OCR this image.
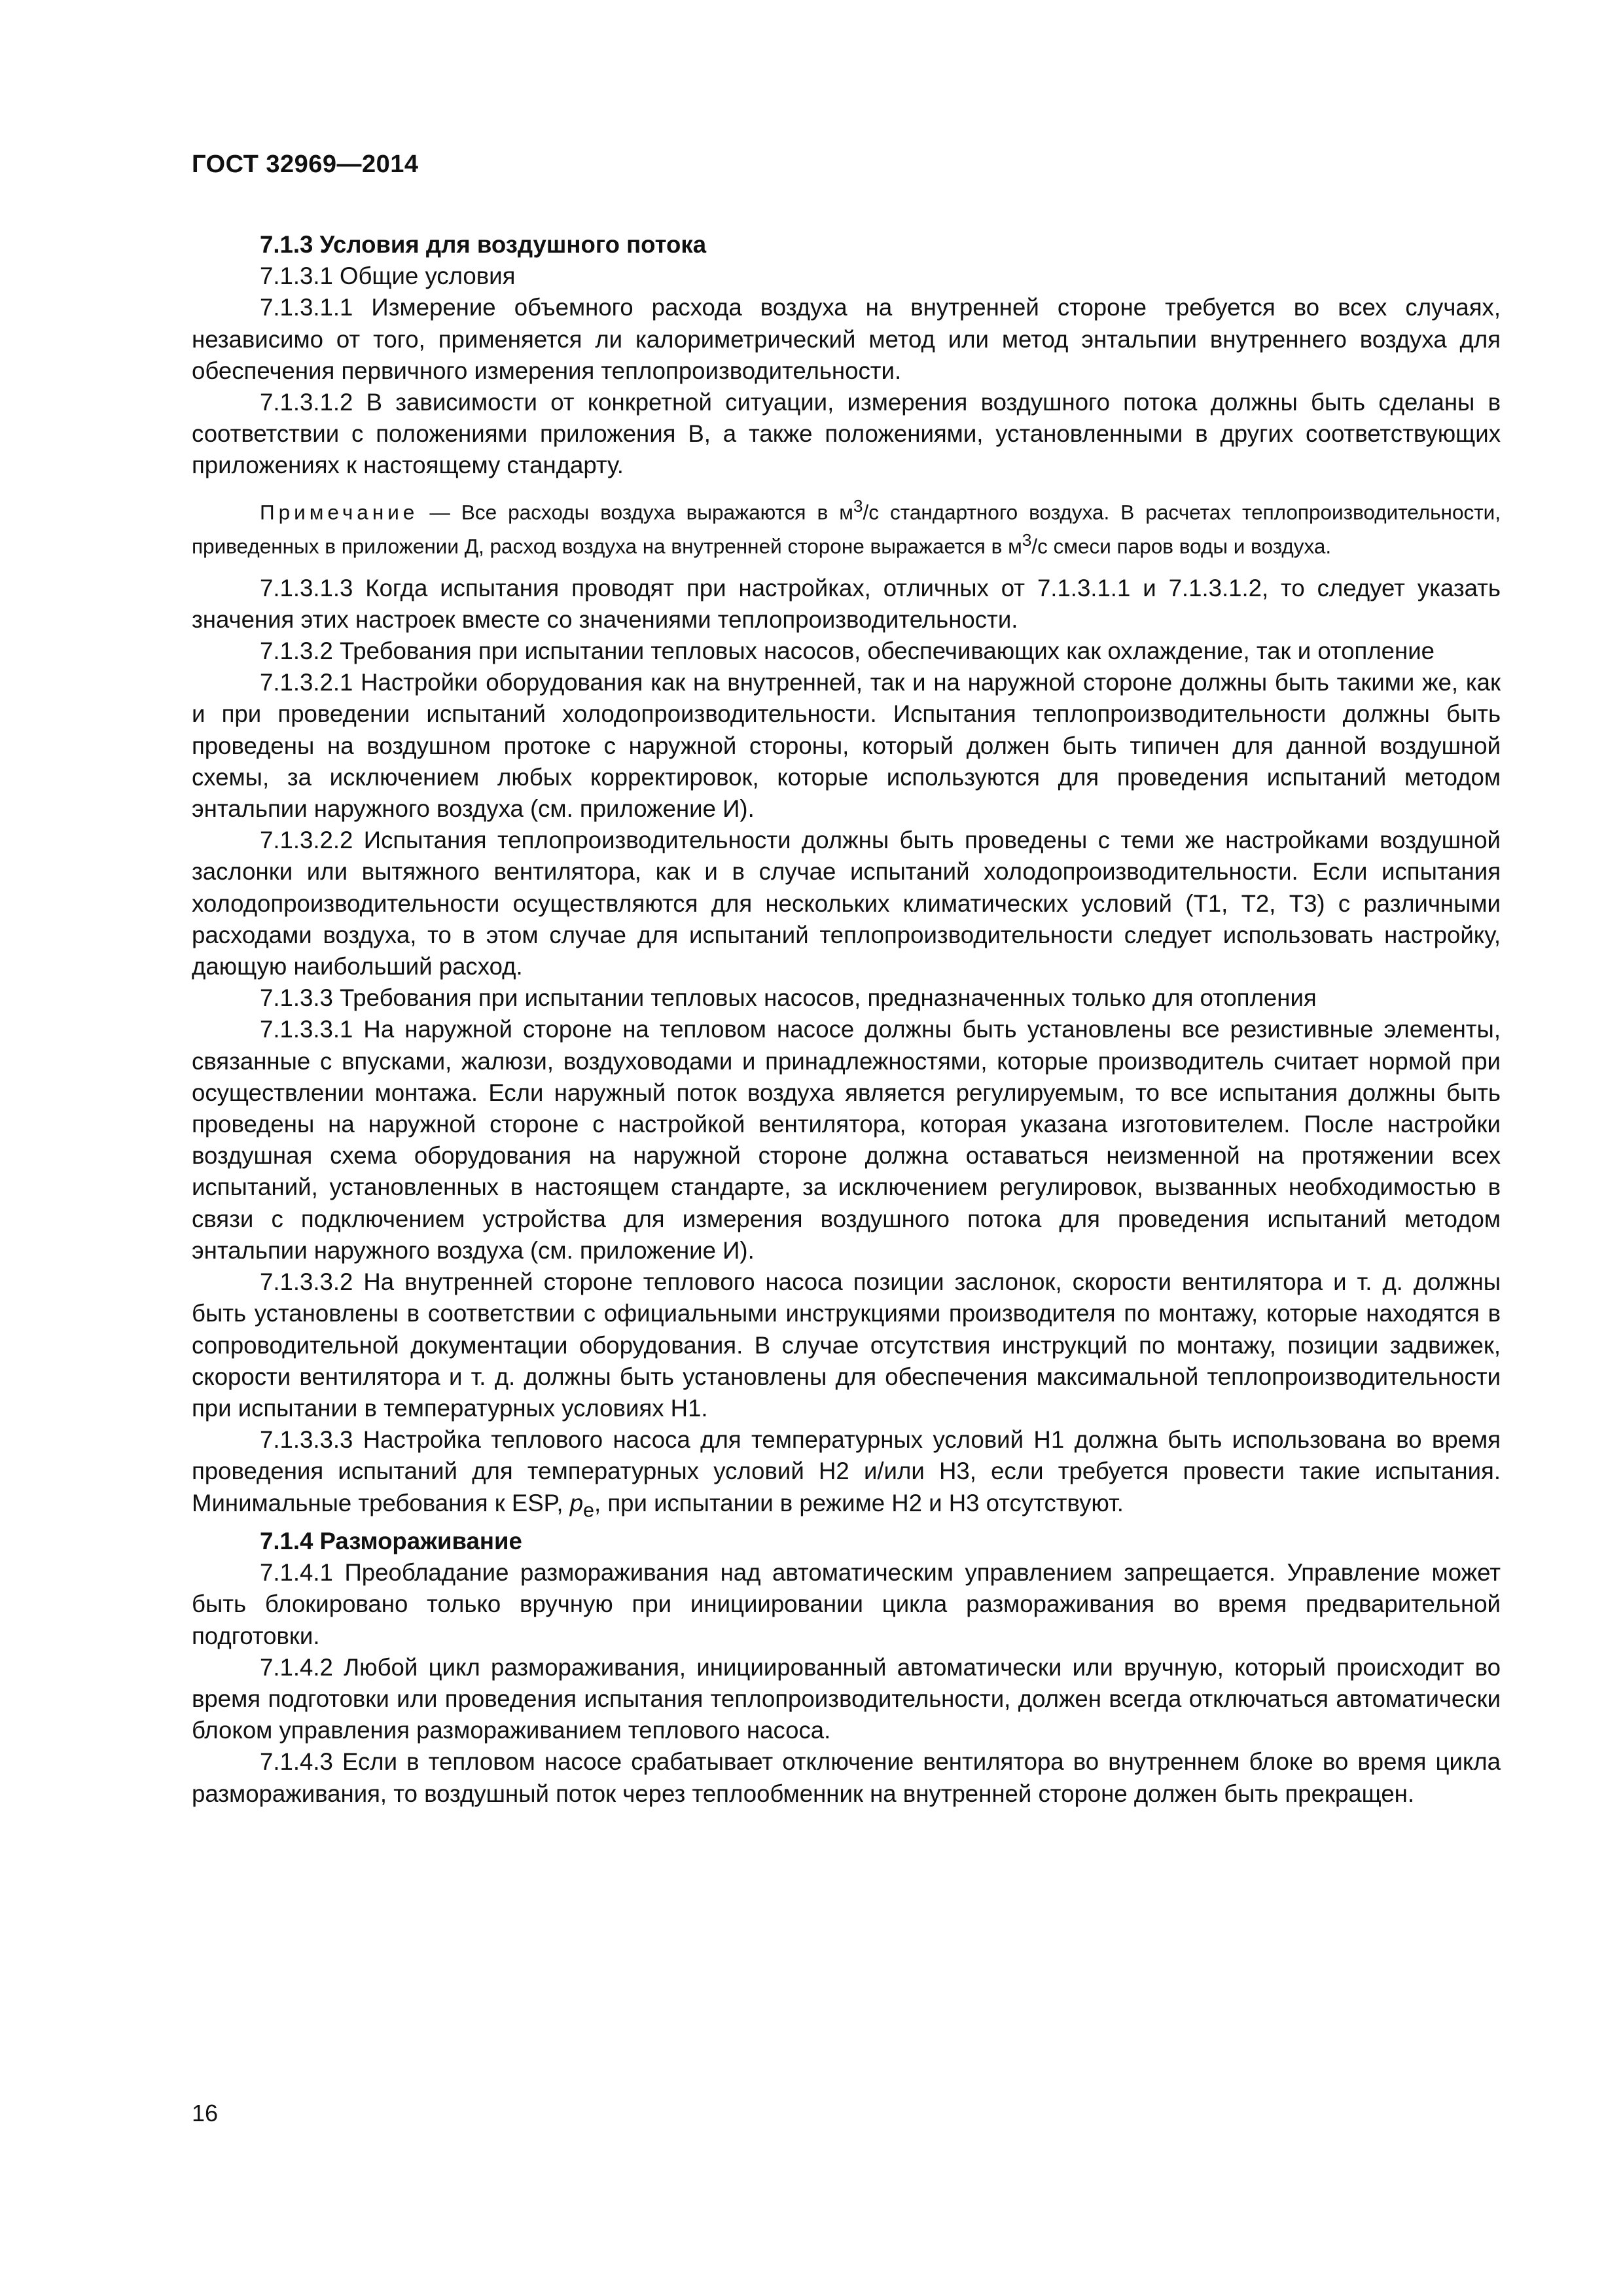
ГОСТ 32969—2014

7.1.3 Условия для воздушного потока

7.1.3.1 Общие условия

7.1.3.1.1 Измерение объемного расхода воздуха на внутренней стороне требуется во всех случаях, независимо от того, применяется ли калориметрический метод или метод энтальпии внутреннего воздуха для обеспечения первичного измерения теплопроизводительности.

7.1.3.1.2 В зависимости от конкретной ситуации, измерения воздушного потока должны быть сделаны в соответствии с положениями приложения В, а также положениями, установленными в других соответствующих приложениях к настоящему стандарту.

Примечание — Все расходы воздуха выражаются в $м^3/с$ стандартного воздуха. В расчетах теплопроизводительности, приведенных в приложении Д, расход воздуха на внутренней стороне выражается в $м^3/с$ смеси паров воды и воздуха.

7.1.3.1.3 Когда испытания проводят при настройках, отличных от 7.1.3.1.1 и 7.1.3.1.2, то следует указать значения этих настроек вместе со значениями теплопроизводительности.

7.1.3.2 Требования при испытании тепловых насосов, обеспечивающих как охлаждение, так и отопление

7.1.3.2.1 Настройки оборудования как на внутренней, так и на наружной стороне должны быть такими же, как и при проведении испытаний холодопроизводительности. Испытания теплопроизводительности должны быть проведены на воздушном протоке с наружной стороны, который должен быть типичен для данной воздушной схемы, за исключением любых корректировок, которые используются для проведения испытаний методом энтальпии наружного воздуха (см. приложение И).

7.1.3.2.2 Испытания теплопроизводительности должны быть проведены с теми же настройками воздушной заслонки или вытяжного вентилятора, как и в случае испытаний холодопроизводительности. Если испытания холодопроизводительности осуществляются для нескольких климатических условий (Т1, Т2, Т3) с различными расходами воздуха, то в этом случае для испытаний теплопроизводительности следует использовать настройку, дающую наибольший расход.

7.1.3.3 Требования при испытании тепловых насосов, предназначенных только для отопления

7.1.3.3.1 На наружной стороне на тепловом насосе должны быть установлены все резистивные элементы, связанные с впусками, жалюзи, воздуховодами и принадлежностями, которые производитель считает нормой при осуществлении монтажа. Если наружный поток воздуха является регулируемым, то все испытания должны быть проведены на наружной стороне с настройкой вентилятора, которая указана изготовителем. После настройки воздушная схема оборудования на наружной стороне должна оставаться неизменной на протяжении всех испытаний, установленных в настоящем стандарте, за исключением регулировок, вызванных необходимостью в связи с подключением устройства для измерения воздушного потока для проведения испытаний методом энтальпии наружного воздуха (см. приложение И).

7.1.3.3.2 На внутренней стороне теплового насоса позиции заслонок, скорости вентилятора и т. д. должны быть установлены в соответствии с официальными инструкциями производителя по монтажу, которые находятся в сопроводительной документации оборудования. В случае отсутствия инструкций по монтажу, позиции задвижек, скорости вентилятора и т. д. должны быть установлены для обеспечения максимальной теплопроизводительности при испытании в температурных условиях Н1.

7.1.3.3.3 Настройка теплового насоса для температурных условий Н1 должна быть использована во время проведения испытаний для температурных условий Н2 и/или Н3, если требуется провести такие испытания. Минимальные требования к ESP, $p_e$, при испытании в режиме Н2 и Н3 отсутствуют.

7.1.4 Размораживание

7.1.4.1 Преобладание размораживания над автоматическим управлением запрещается. Управление может быть блокировано только вручную при инициировании цикла размораживания во время предварительной подготовки.

7.1.4.2 Любой цикл размораживания, инициированный автоматически или вручную, который происходит во время подготовки или проведения испытания теплопроизводительности, должен всегда отключаться автоматически блоком управления размораживанием теплового насоса.

7.1.4.3 Если в тепловом насосе срабатывает отключение вентилятора во внутреннем блоке во время цикла размораживания, то воздушный поток через теплообменник на внутренней стороне должен быть прекращен.

16
